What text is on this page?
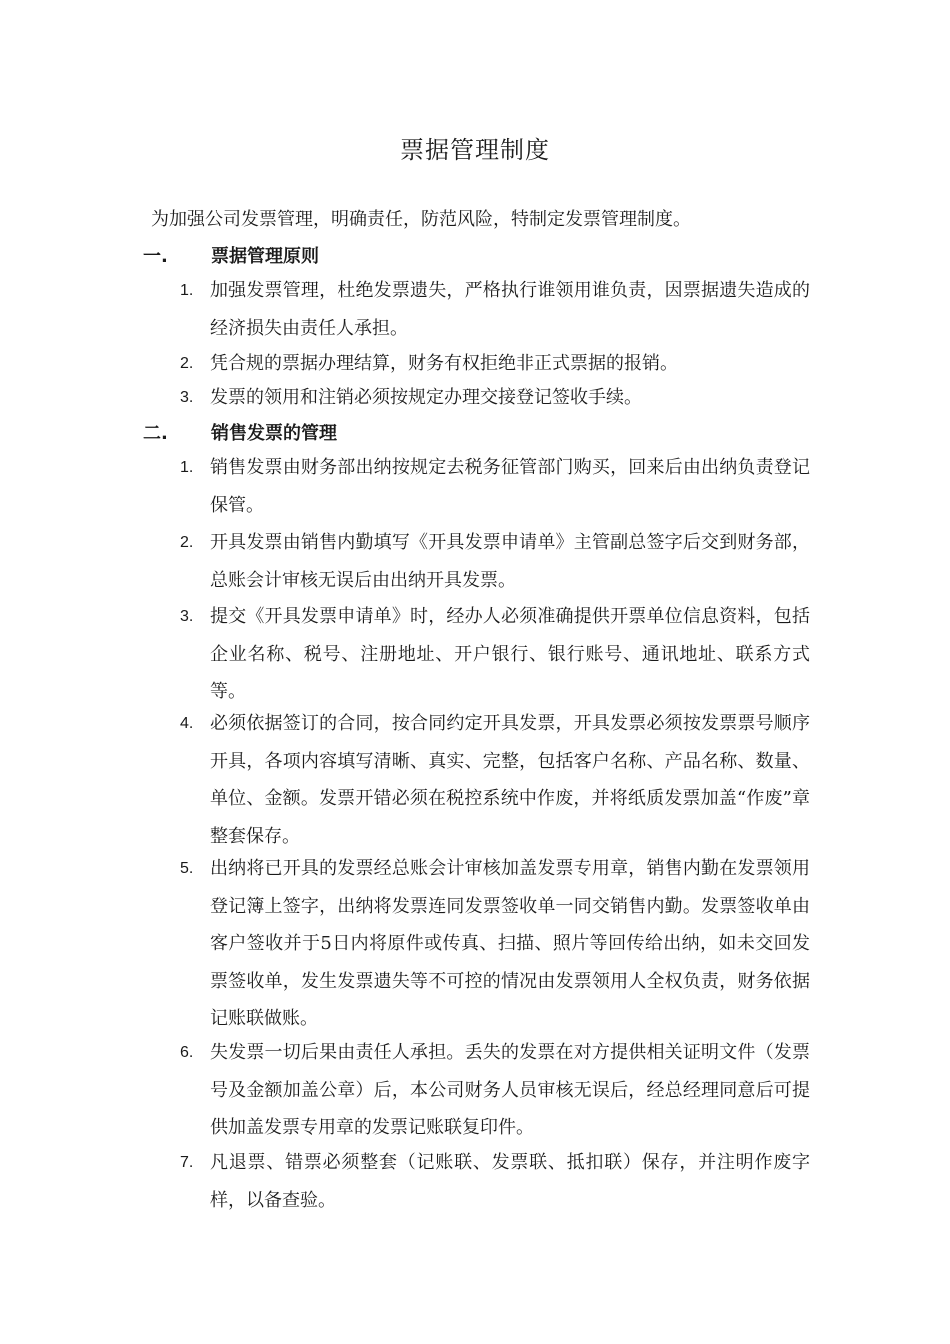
票据管理制度
为加强公司发票管理，明确责任，防范风险，特制定发票管理制度。
一. 票据管理原则
1. 加强发票管理，杜绝发票遗失，严格执行谁领用谁负责，因票据遗失造成的经济损失由责任人承担。
2. 凭合规的票据办理结算，财务有权拒绝非正式票据的报销。
3. 发票的领用和注销必须按规定办理交接登记签收手续。
二. 销售发票的管理
1. 销售发票由财务部出纳按规定去税务征管部门购买，回来后由出纳负责登记保管。
2. 开具发票由销售内勤填写《开具发票申请单》主管副总签字后交到财务部，总账会计审核无误后由出纳开具发票。
3. 提交《开具发票申请单》时，经办人必须准确提供开票单位信息资料，包括企业名称、税号、注册地址、开户银行、银行账号、通讯地址、联系方式等。
4. 必须依据签订的合同，按合同约定开具发票，开具发票必须按发票票号顺序开具，各项内容填写清晰、真实、完整，包括客户名称、产品名称、数量、单位、金额。发票开错必须在税控系统中作废，并将纸质发票加盖“作废”章整套保存。
5. 出纳将已开具的发票经总账会计审核加盖发票专用章，销售内勤在发票领用登记簿上签字，出纳将发票连同发票签收单一同交销售内勤。发票签收单由客户签收并于5日内将原件或传真、扫描、照片等回传给出纳，如未交回发票签收单，发生发票遗失等不可控的情况由发票领用人全权负责，财务依据记账联做账。
6. 失发票一切后果由责任人承担。丢失的发票在对方提供相关证明文件（发票号及金额加盖公章）后，本公司财务人员审核无误后，经总经理同意后可提供加盖发票专用章的发票记账联复印件。
7. 凡退票、错票必须整套（记账联、发票联、抵扣联）保存，并注明作废字样，以备查验。
